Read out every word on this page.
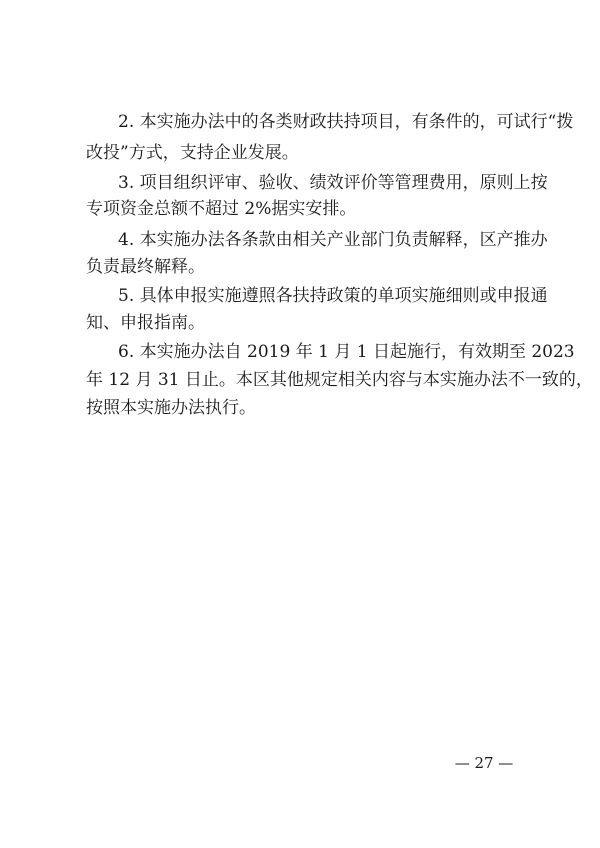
2. 本实施办法中的各类财政扶持项目，有条件的，可试行“拨
改投”方式，支持企业发展。
3. 项目组织评审、验收、绩效评价等管理费用，原则上按
专项资金总额不超过 2%据实安排。
4. 本实施办法各条款由相关产业部门负责解释，区产推办
负责最终解释。
5. 具体申报实施遵照各扶持政策的单项实施细则或申报通
知、申报指南。
6. 本实施办法自 2019 年 1 月 1 日起施行，有效期至 2023
年 12 月 31 日止。本区其他规定相关内容与本实施办法不一致的，
按照本实施办法执行。
— 27 —
